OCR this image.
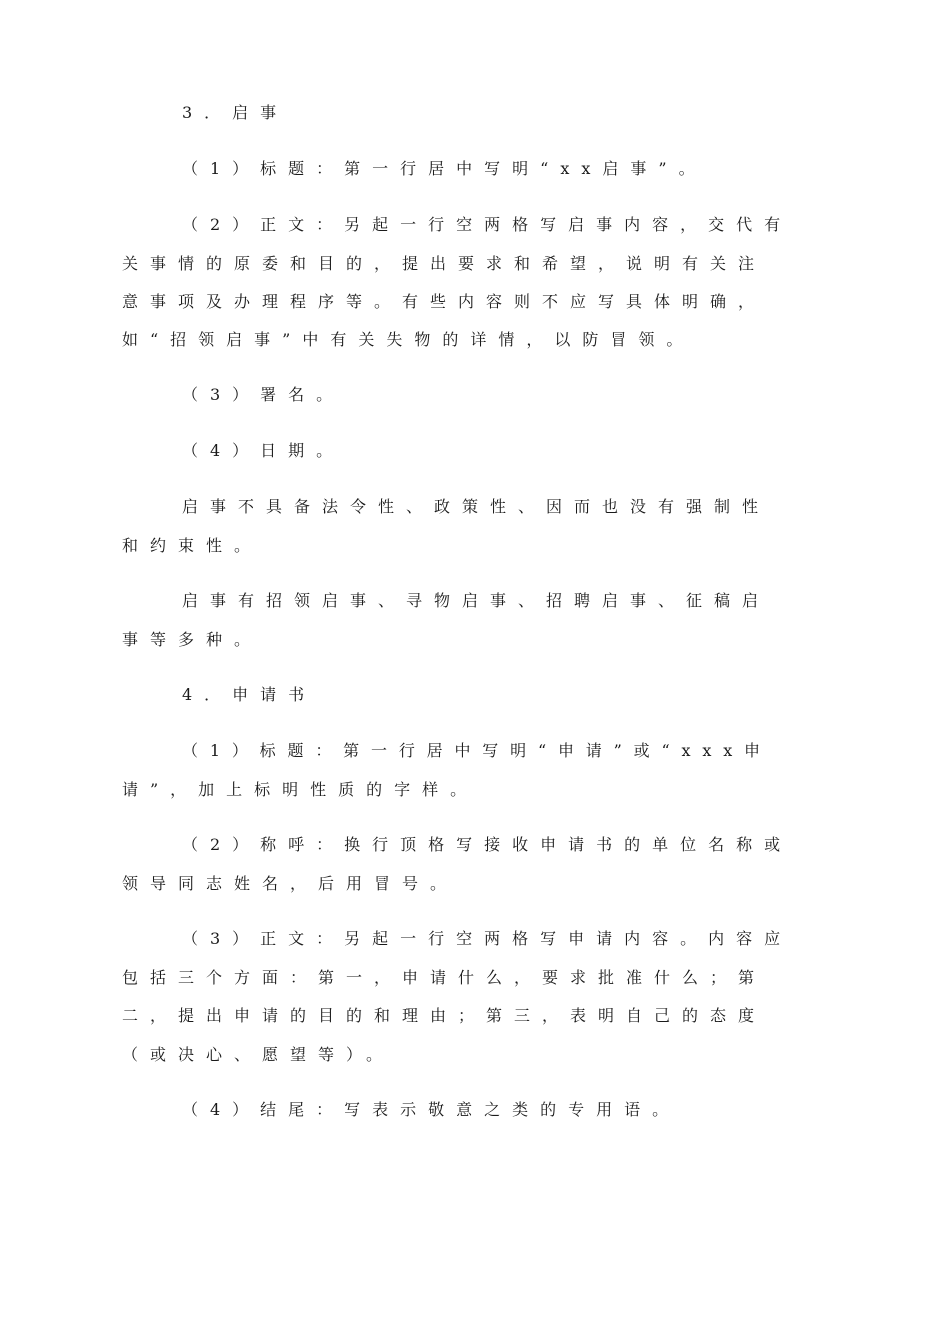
3．启事
（1）标题：第一行居中写明“xx启事”。
（2）正文：另起一行空两格写启事内容，交代有
关事情的原委和目的，提出要求和希望，说明有关注
意事项及办理程序等。有些内容则不应写具体明确，
如“招领启事”中有关失物的详情，以防冒领。
（3）署名。
（4）日期。
启事不具备法令性、政策性、因而也没有强制性
和约束性。
启事有招领启事、寻物启事、招聘启事、征稿启
事等多种。
4．申请书
（1）标题：第一行居中写明“申请”或“xxx申
请”，加上标明性质的字样。
（2）称呼：换行顶格写接收申请书的单位名称或
领导同志姓名，后用冒号。
（3）正文：另起一行空两格写申请内容。内容应
包括三个方面：第一，申请什么，要求批准什么；第
二，提出申请的目的和理由；第三，表明自己的态度
（或决心、愿望等）。
（4）结尾：写表示敬意之类的专用语。
